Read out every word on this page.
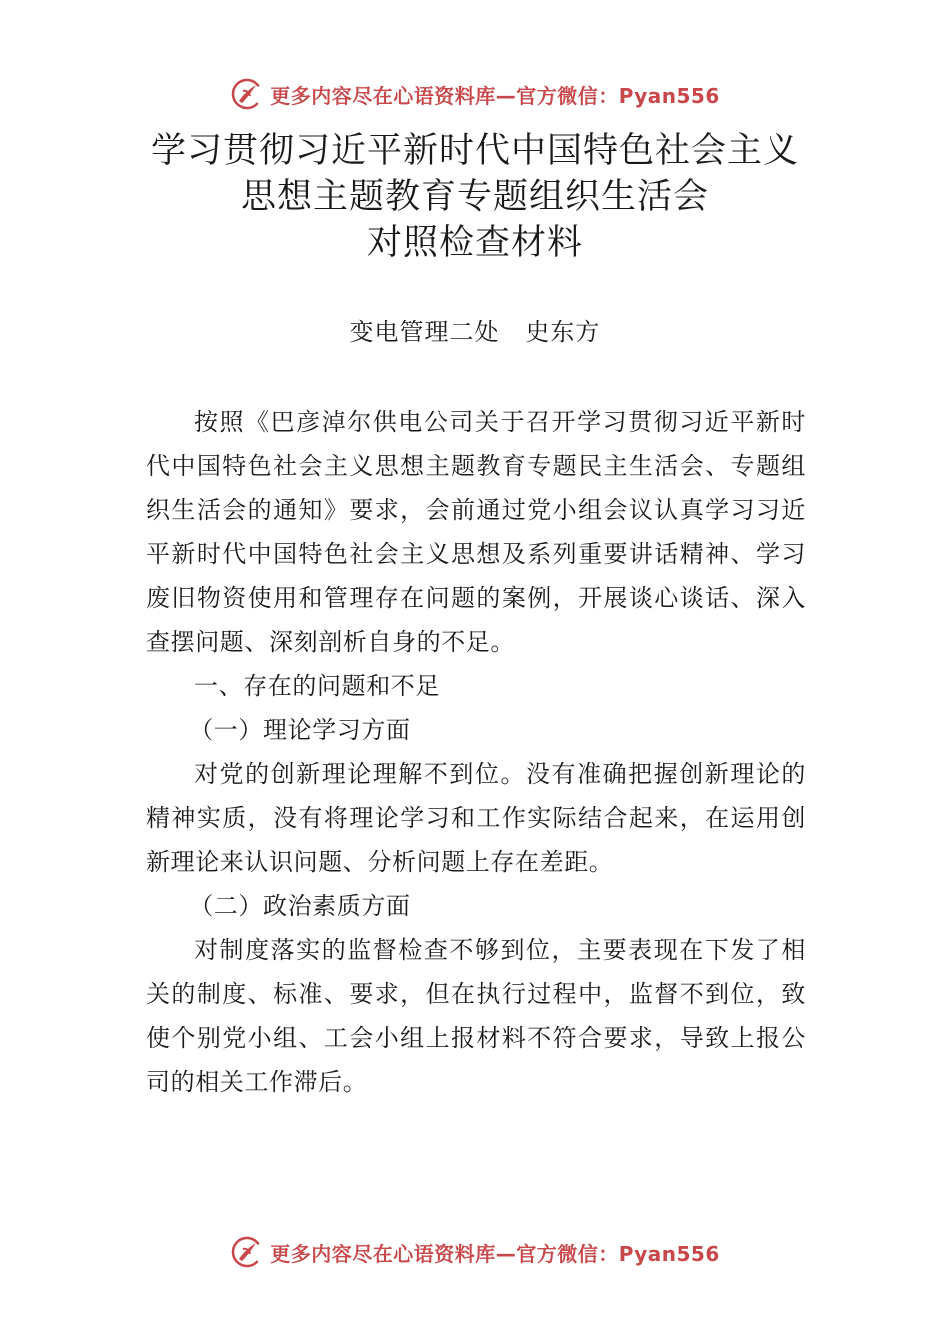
更多内容尽在心语资料库—官方微信：Pyan556
学习贯彻习近平新时代中国特色社会主义
思想主题教育专题组织生活会
对照检查材料
变电管理二处   史东方

按照《巴彦淖尔供电公司关于召开学习贯彻习近平新时代中国特色社会主义思想主题教育专题民主生活会、专题组织生活会的通知》要求，会前通过党小组会议认真学习习近平新时代中国特色社会主义思想及系列重要讲话精神、学习废旧物资使用和管理存在问题的案例，开展谈心谈话、深入查摆问题、深刻剖析自身的不足。

一、存在的问题和不足

（一）理论学习方面

对党的创新理论理解不到位。没有准确把握创新理论的精神实质，没有将理论学习和工作实际结合起来，在运用创新理论来认识问题、分析问题上存在差距。

（二）政治素质方面

对制度落实的监督检查不够到位，主要表现在下发了相关的制度、标准、要求，但在执行过程中，监督不到位，致使个别党小组、工会小组上报材料不符合要求，导致上报公司的相关工作滞后。

更多内容尽在心语资料库—官方微信：Pyan556
